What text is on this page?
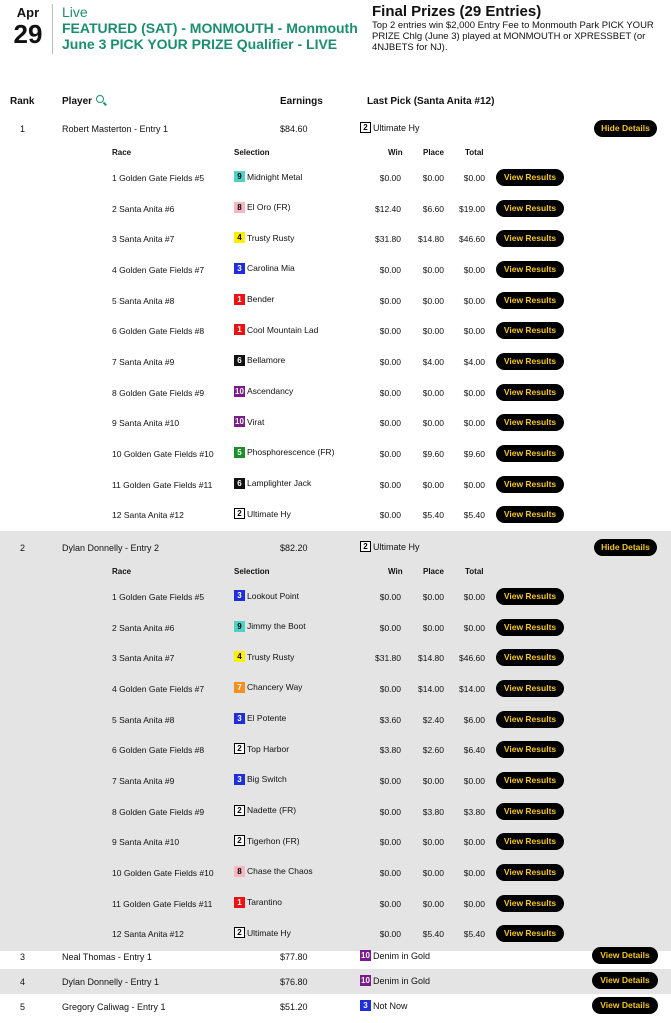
Apr
29
Live
FEATURED (SAT) - MONMOUTH - Monmouth June 3 PICK YOUR PRIZE Qualifier - LIVE
Final Prizes (29 Entries)
Top 2 entries win $2,000 Entry Fee to Monmouth Park PICK YOUR PRIZE Chlg (June 3) played at MONMOUTH or XPRESSBET (or 4NJBETS for NJ).
Rank	Player	Earnings	Last Pick (Santa Anita #12)
1	Robert Masterton - Entry 1	$84.60	2 Ultimate Hy	Hide Details
Race	Selection	Win	Place	Total
1 Golden Gate Fields #5	9 Midnight Metal	$0.00	$0.00	$0.00	View Results
2 Santa Anita #6	8 El Oro (FR)	$12.40	$6.60	$19.00	View Results
3 Santa Anita #7	4 Trusty Rusty	$31.80	$14.80	$46.60	View Results
4 Golden Gate Fields #7	3 Carolina Mia	$0.00	$0.00	$0.00	View Results
5 Santa Anita #8	1 Bender	$0.00	$0.00	$0.00	View Results
6 Golden Gate Fields #8	1 Cool Mountain Lad	$0.00	$0.00	$0.00	View Results
7 Santa Anita #9	6 Bellamore	$0.00	$4.00	$4.00	View Results
8 Golden Gate Fields #9	10 Ascendancy	$0.00	$0.00	$0.00	View Results
9 Santa Anita #10	10 Virat	$0.00	$0.00	$0.00	View Results
10 Golden Gate Fields #10	5 Phosphorescence (FR)	$0.00	$9.60	$9.60	View Results
11 Golden Gate Fields #11	6 Lamplighter Jack	$0.00	$0.00	$0.00	View Results
12 Santa Anita #12	2 Ultimate Hy	$0.00	$5.40	$5.40	View Results
2	Dylan Donnelly - Entry 2	$82.20	2 Ultimate Hy	Hide Details
Race	Selection	Win	Place	Total
1 Golden Gate Fields #5	3 Lookout Point	$0.00	$0.00	$0.00	View Results
2 Santa Anita #6	9 Jimmy the Boot	$0.00	$0.00	$0.00	View Results
3 Santa Anita #7	4 Trusty Rusty	$31.80	$14.80	$46.60	View Results
4 Golden Gate Fields #7	7 Chancery Way	$0.00	$14.00	$14.00	View Results
5 Santa Anita #8	3 El Potente	$3.60	$2.40	$6.00	View Results
6 Golden Gate Fields #8	2 Top Harbor	$3.80	$2.60	$6.40	View Results
7 Santa Anita #9	3 Big Switch	$0.00	$0.00	$0.00	View Results
8 Golden Gate Fields #9	2 Nadette (FR)	$0.00	$3.80	$3.80	View Results
9 Santa Anita #10	2 Tigerhon (FR)	$0.00	$0.00	$0.00	View Results
10 Golden Gate Fields #10	8 Chase the Chaos	$0.00	$0.00	$0.00	View Results
11 Golden Gate Fields #11	1 Tarantino	$0.00	$0.00	$0.00	View Results
12 Santa Anita #12	2 Ultimate Hy	$0.00	$5.40	$5.40	View Results
3	Neal Thomas - Entry 1	$77.80	10 Denim in Gold	View Details
4	Dylan Donnelly - Entry 1	$76.80	10 Denim in Gold	View Details
5	Gregory Caliwag - Entry 1	$51.20	3 Not Now	View Details
